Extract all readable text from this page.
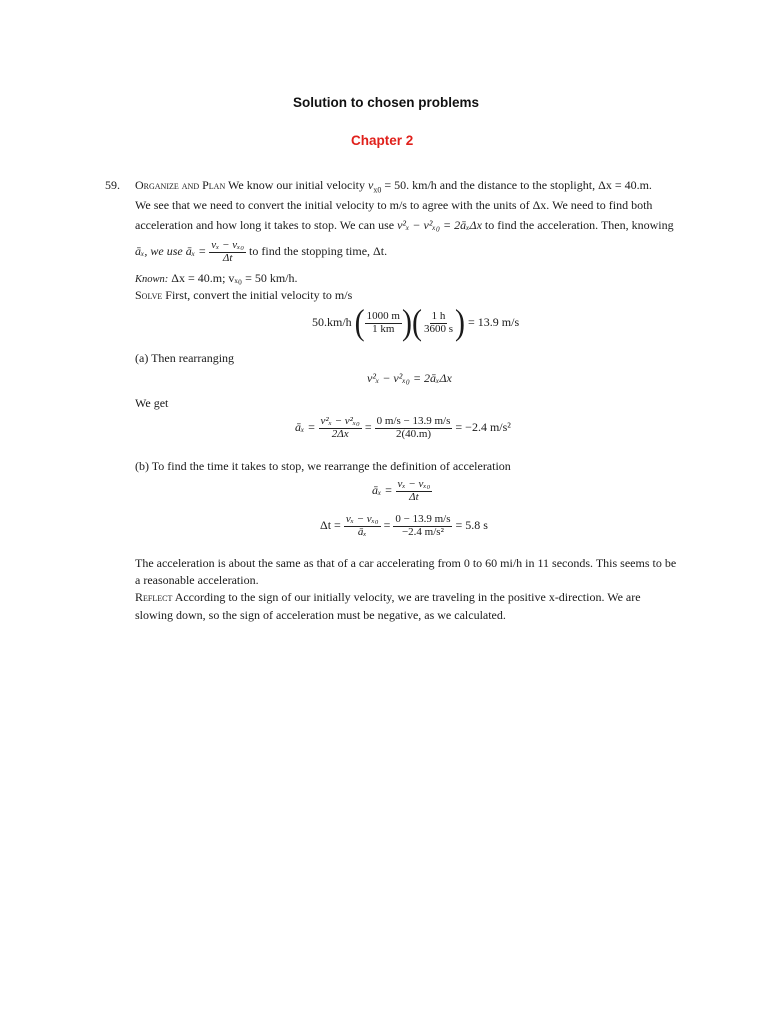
Solution to chosen problems
Chapter 2
59. Organize and Plan We know our initial velocity $v_{x0} = 50$. km/h and the distance to the stoplight, Δx = 40.m.
We see that we need to convert the initial velocity to m/s to agree with the units of Δx. We need to find both
acceleration and how long it takes to stop. We can use v²ₓ − v²ₓ₀ = 2āₓΔx to find the acceleration. Then, knowing
āₓ, we use āₓ = $\frac{\text{vₓ − vₓ₀}}{\Delta t}$ to find the stopping time, Δt.
Known: Δx = 40.m; vₓ₀ = 50 km/h.
Solve First, convert the initial velocity to m/s
50.km/h ( $\frac{1000 m}{1 km}$ )( $\frac{1 h}{3600 s}$ ) = 13.9 m/s
(a) Then rearranging
v²ₓ − v²ₓ₀ = 2āₓΔx
We get
āₓ = $\frac{\text{v²ₓ − v²ₓ₀}}{2\Delta x} = \frac{0 m/s - 13.9 m/s}{2(40.m)} = -2.4$ m/s²
(b) To find the time it takes to stop, we rearrange the definition of acceleration
āₓ = $\frac{\text{vₓ − vₓ₀}}{\Delta t}$
$\Delta t = \frac{\text{vₓ − vₓ₀}}{\text{āₓ}} = \frac{0 - 13.9 m/s}{\text{−2.4 m/s²}} = 5.8$ s
The acceleration is about the same as that of a car accelerating from 0 to 60 mi/h in 11 seconds. This seems to be
a reasonable acceleration.
Reflect According to the sign of our initially velocity, we are traveling in the positive x-direction. We are
slowing down, so the sign of acceleration must be negative, as we calculated.
